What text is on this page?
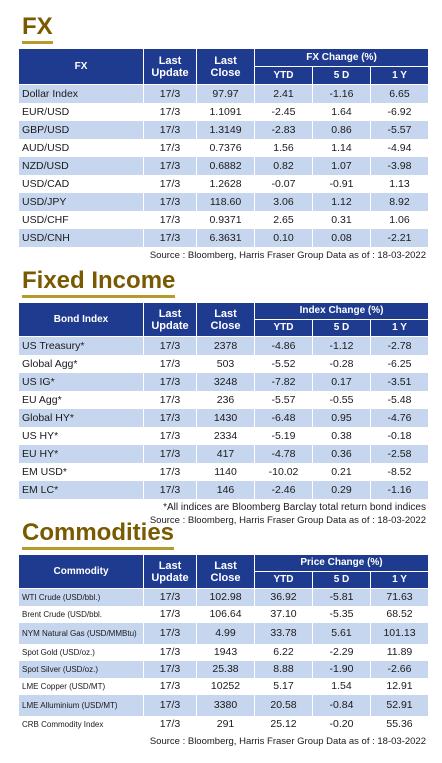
FX
FX	Last Update	Last Close	FX Change (%)		
			YTD	5 D	1 Y
Dollar Index	17/3	97.97	2.41	-1.16	6.65
EUR/USD	17/3	1.1091	-2.45	1.64	-6.92
GBP/USD	17/3	1.3149	-2.83	0.86	-5.57
AUD/USD	17/3	0.7376	1.56	1.14	-4.94
NZD/USD	17/3	0.6882	0.82	1.07	-3.98
USD/CAD	17/3	1.2628	-0.07	-0.91	1.13
USD/JPY	17/3	118.60	3.06	1.12	8.92
USD/CHF	17/3	0.9371	2.65	0.31	1.06
USD/CNH	17/3	6.3631	0.10	0.08	-2.21
Source : Bloomberg, Harris Fraser Group Data as of : 18-03-2022
Fixed Income
Bond Index	Last Update	Last Close	Index Change (%)		
			YTD	5 D	1 Y
US Treasury*	17/3	2378	-4.86	-1.12	-2.78
Global Agg*	17/3	503	-5.52	-0.28	-6.25
US IG*	17/3	3248	-7.82	0.17	-3.51
EU Agg*	17/3	236	-5.57	-0.55	-5.48
Global HY*	17/3	1430	-6.48	0.95	-4.76
US HY*	17/3	2334	-5.19	0.38	-0.18
EU HY*	17/3	417	-4.78	0.36	-2.58
EM USD*	17/3	1140	-10.02	0.21	-8.52
EM LC*	17/3	146	-2.46	0.29	-1.16
*All indices are Bloomberg Barclay total return bond indices
Source : Bloomberg, Harris Fraser Group Data as of : 18-03-2022
Commodities
Commodity	Last Update	Last Close	Price Change (%)		
			YTD	5 D	1 Y
WTI Crude (USD/bbl.)	17/3	102.98	36.92	-5.81	71.63
Brent Crude (USD/bbl.	17/3	106.64	37.10	-5.35	68.52
NYM Natural Gas (USD/MMBtu)	17/3	4.99	33.78	5.61	101.13
Spot Gold (USD/oz.)	17/3	1943	6.22	-2.29	11.89
Spot Silver (USD/oz.)	17/3	25.38	8.88	-1.90	-2.66
LME Copper (USD/MT)	17/3	10252	5.17	1.54	12.91
LME Alluminium (USD/MT)	17/3	3380	20.58	-0.84	52.91
CRB Commodity Index	17/3	291	25.12	-0.20	55.36
Source : Bloomberg, Harris Fraser Group Data as of : 18-03-2022
